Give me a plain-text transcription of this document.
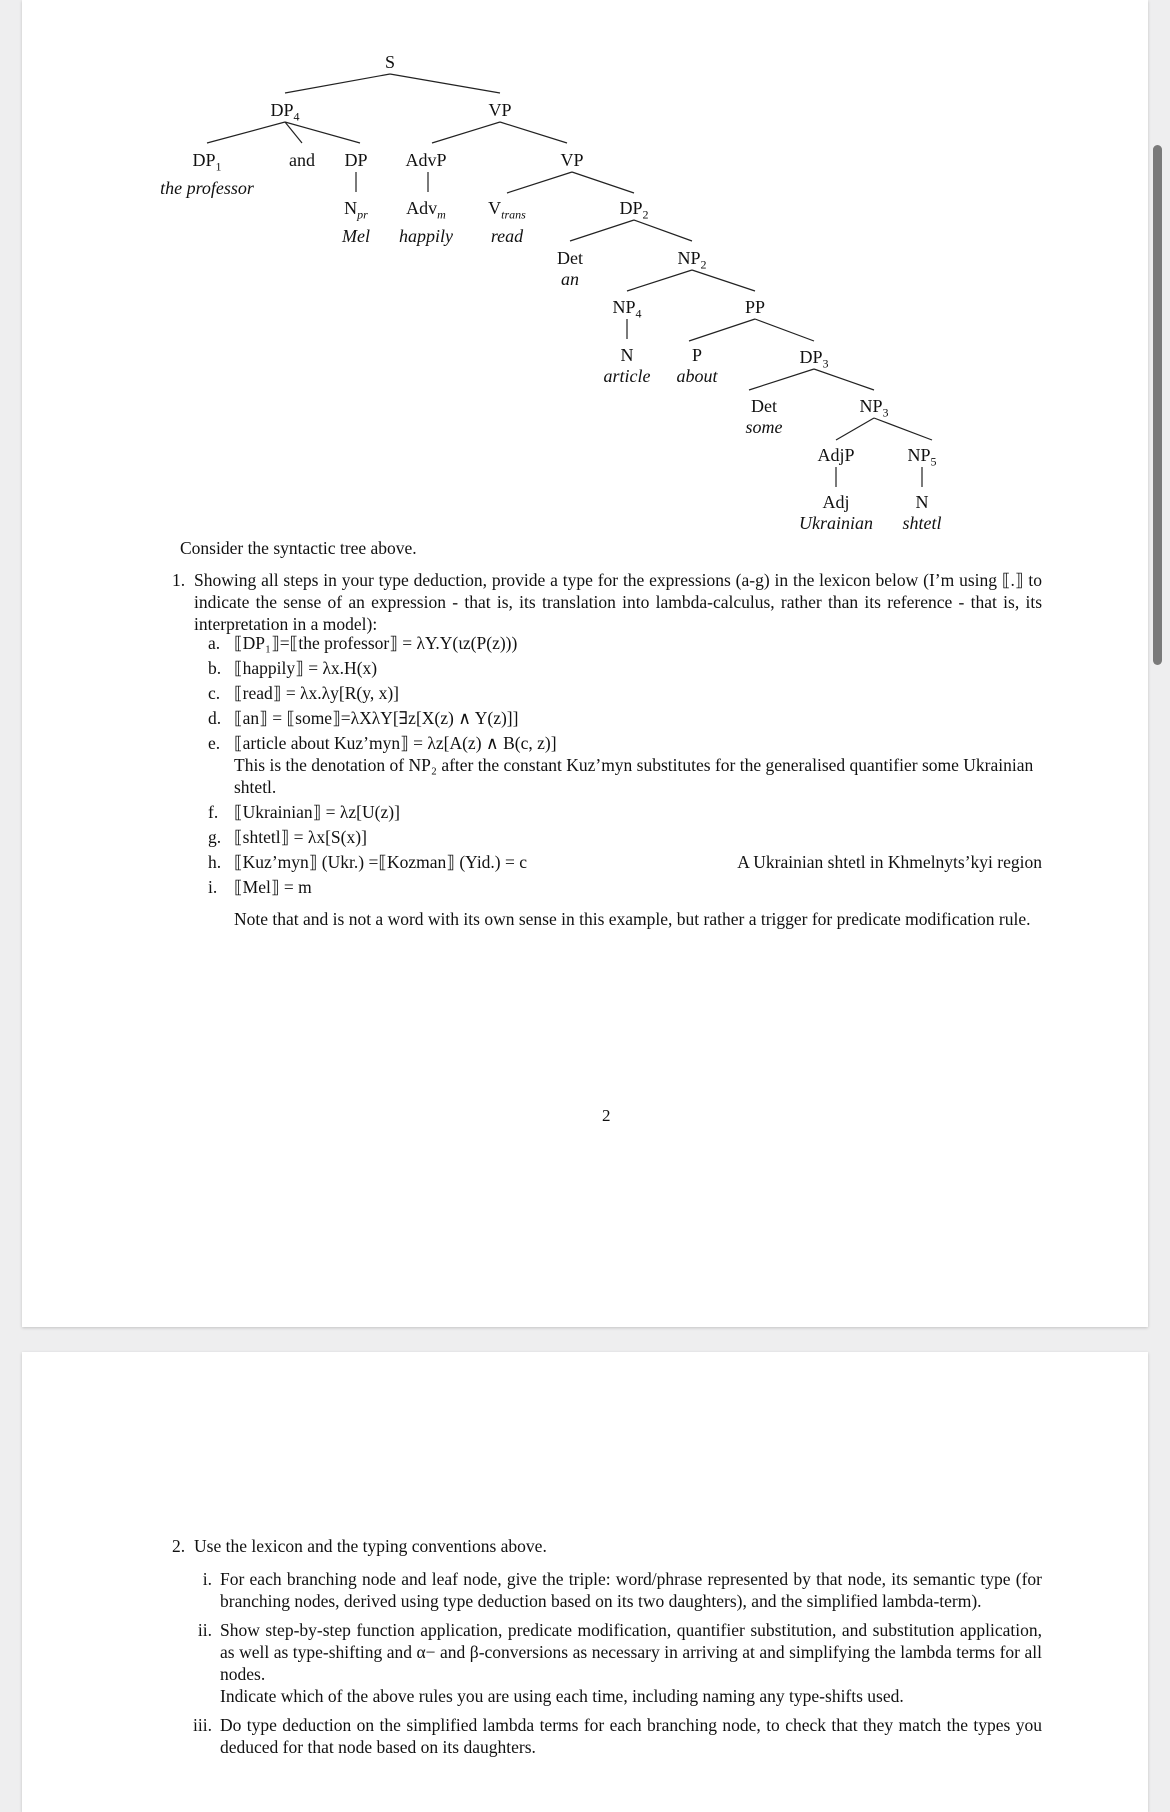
S
$DP_4$	VP
$DP_1$
the professor
and DP AdvP	VP
$N_{pr}$
Mel
Adv$_m$
happily
$V_{trans}$
read
$DP_2$
Det
an
$NP_2$
$NP_4$	PP
N
article
P
about
$DP_3$
Det
some
$NP_3$
AdjP	$NP_5$
Adj
Ukrainian
N
shtetl
Consider the syntactic tree above.
1. Showing all steps in your type deduction, provide a type for the expressions (a-g) in the lexicon below (I’m using ⟦.⟧ to indicate the sense of an expression - that is, its translation into lambda-calculus, rather than its reference - that is, its interpretation in a model):
a. ⟦DP₁⟧=⟦the professor⟧ = λY.Y(ιz(P(z)))
b. ⟦happily⟧ = λx.H(x)
c. ⟦read⟧ = λx.λy[R(y, x)]
d. ⟦an⟧ = ⟦some⟧=λXλY[∃z[X(z) ∧ Y(z)]]
e. ⟦article about Kuz’myn⟧ = λz[A(z) ∧ B(c, z)]
This is the denotation of NP₂ after the constant Kuz’myn substitutes for the generalised quantifier some Ukrainian shtetl.
f. ⟦Ukrainian⟧ = λz[U(z)]
g. ⟦shtetl⟧ = λx[S(x)]
h. ⟦Kuz’myn⟧ (Ukr.) =⟦Kozman⟧ (Yid.) = c	A Ukrainian shtetl in Khmelnyts’kyi region
i. ⟦Mel⟧ = m
Note that and is not a word with its own sense in this example, but rather a trigger for predicate modification rule.
2
2. Use the lexicon and the typing conventions above.
i. For each branching node and leaf node, give the triple: word/phrase represented by that node, its semantic type (for branching nodes, derived using type deduction based on its two daughters), and the simplified lambda-term).
ii. Show step-by-step function application, predicate modification, quantifier substitution, and substitution application, as well as type-shifting and α− and β-conversions as necessary in arriving at and simplifying the lambda terms for all nodes.
Indicate which of the above rules you are using each time, including naming any type-shifts used.
iii. Do type deduction on the simplified lambda terms for each branching node, to check that they match the types you deduced for that node based on its daughters.
